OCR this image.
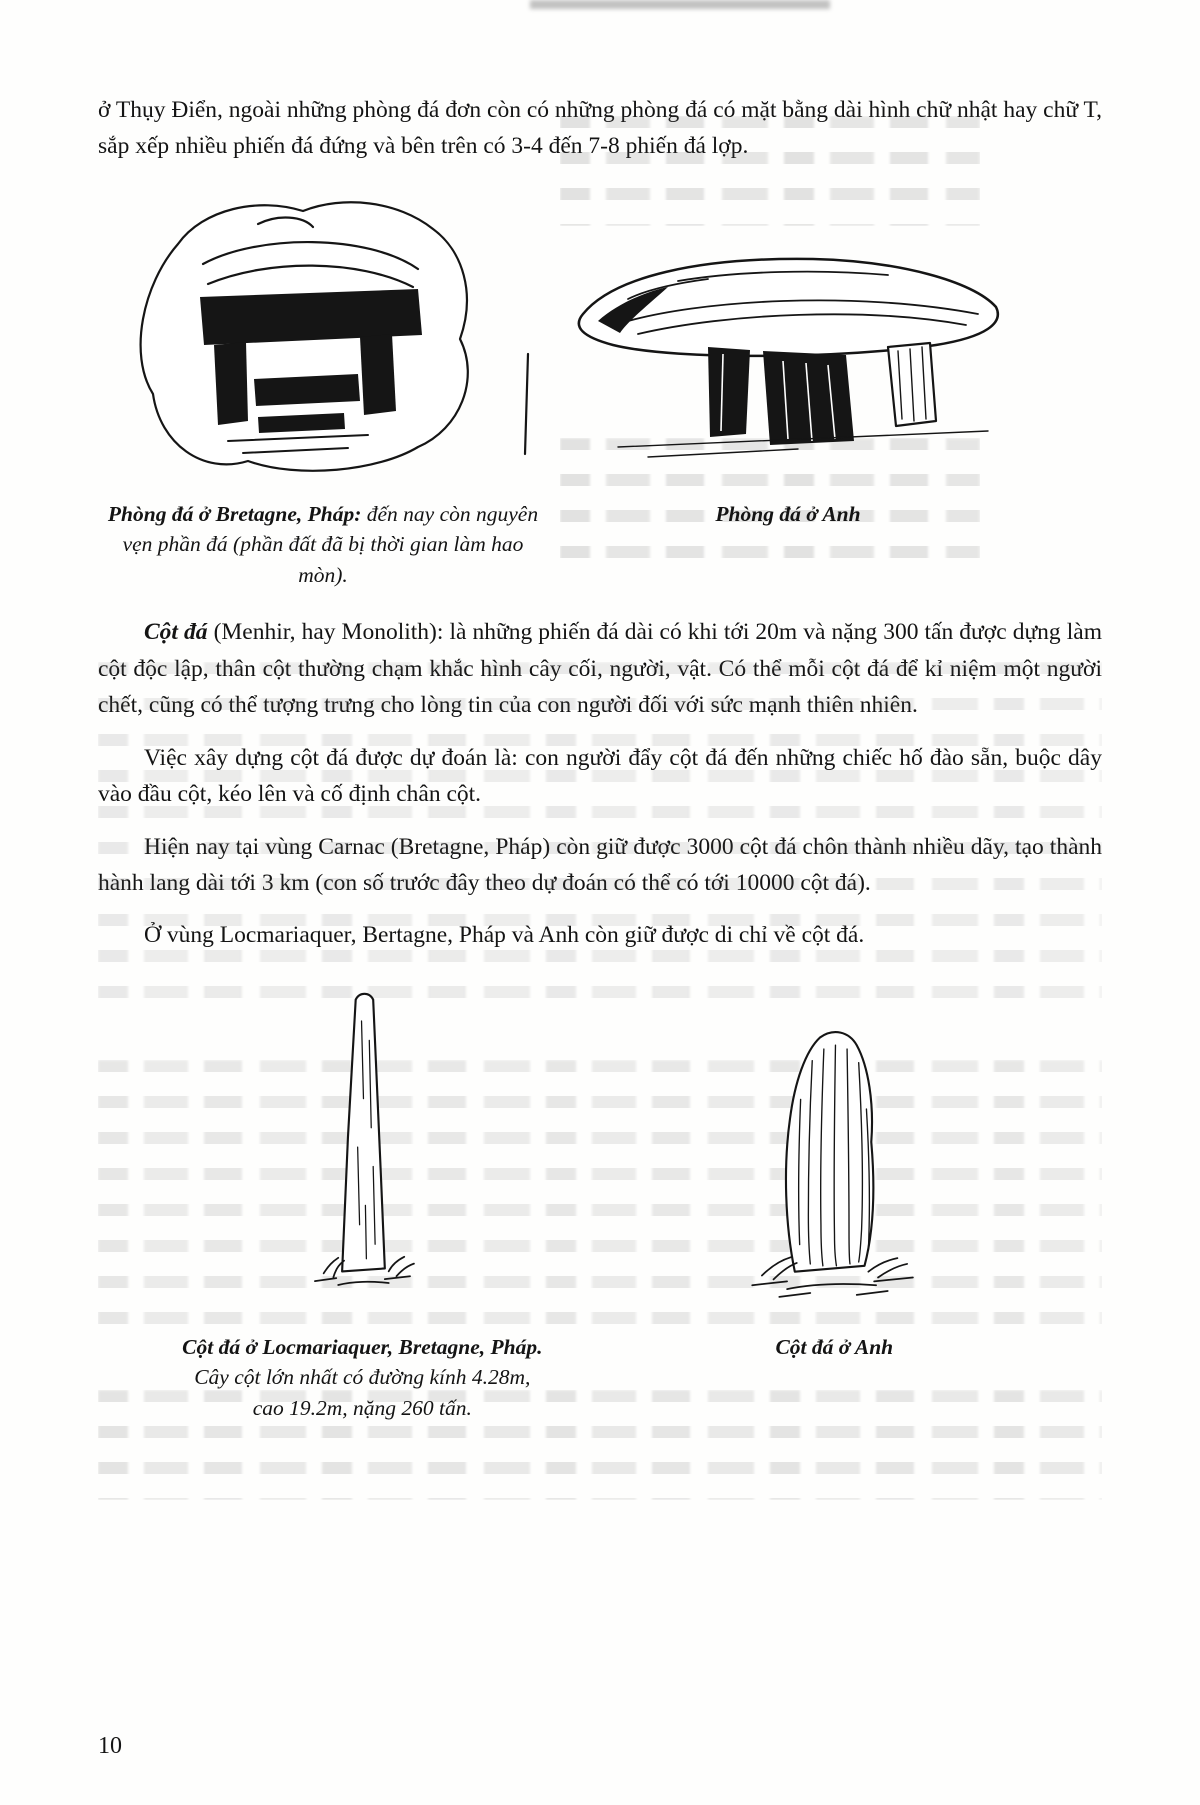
ở Thụy Điển, ngoài những phòng đá đơn còn có những phòng đá có mặt bằng dài hình chữ nhật hay chữ T, sắp xếp nhiều phiến đá đứng và bên trên có 3-4 đến 7-8 phiến đá lợp.

Phòng đá ở Bretagne, Pháp: đến nay còn nguyên vẹn phần đá (phần đất đã bị thời gian làm hao mòn).
Phòng đá ở Anh

Cột đá (Menhir, hay Monolith): là những phiến đá dài có khi tới 20m và nặng 300 tấn được dựng làm cột độc lập, thân cột thường chạm khắc hình cây cối, người, vật. Có thể mỗi cột đá để kỉ niệm một người chết, cũng có thể tượng trưng cho lòng tin của con người đối với sức mạnh thiên nhiên.

Việc xây dựng cột đá được dự đoán là: con người đẩy cột đá đến những chiếc hố đào sẵn, buộc dây vào đầu cột, kéo lên và cố định chân cột.

Hiện nay tại vùng Carnac (Bretagne, Pháp) còn giữ được 3000 cột đá chôn thành nhiều dãy, tạo thành hành lang dài tới 3 km (con số trước đây theo dự đoán có thể có tới 10000 cột đá).

Ở vùng Locmariaquer, Bertagne, Pháp và Anh còn giữ được di chỉ về cột đá.

Cột đá ở Locmariaquer, Bretagne, Pháp.
Cây cột lớn nhất có đường kính 4.28m,
cao 19.2m, nặng 260 tấn.
Cột đá ở Anh
10
